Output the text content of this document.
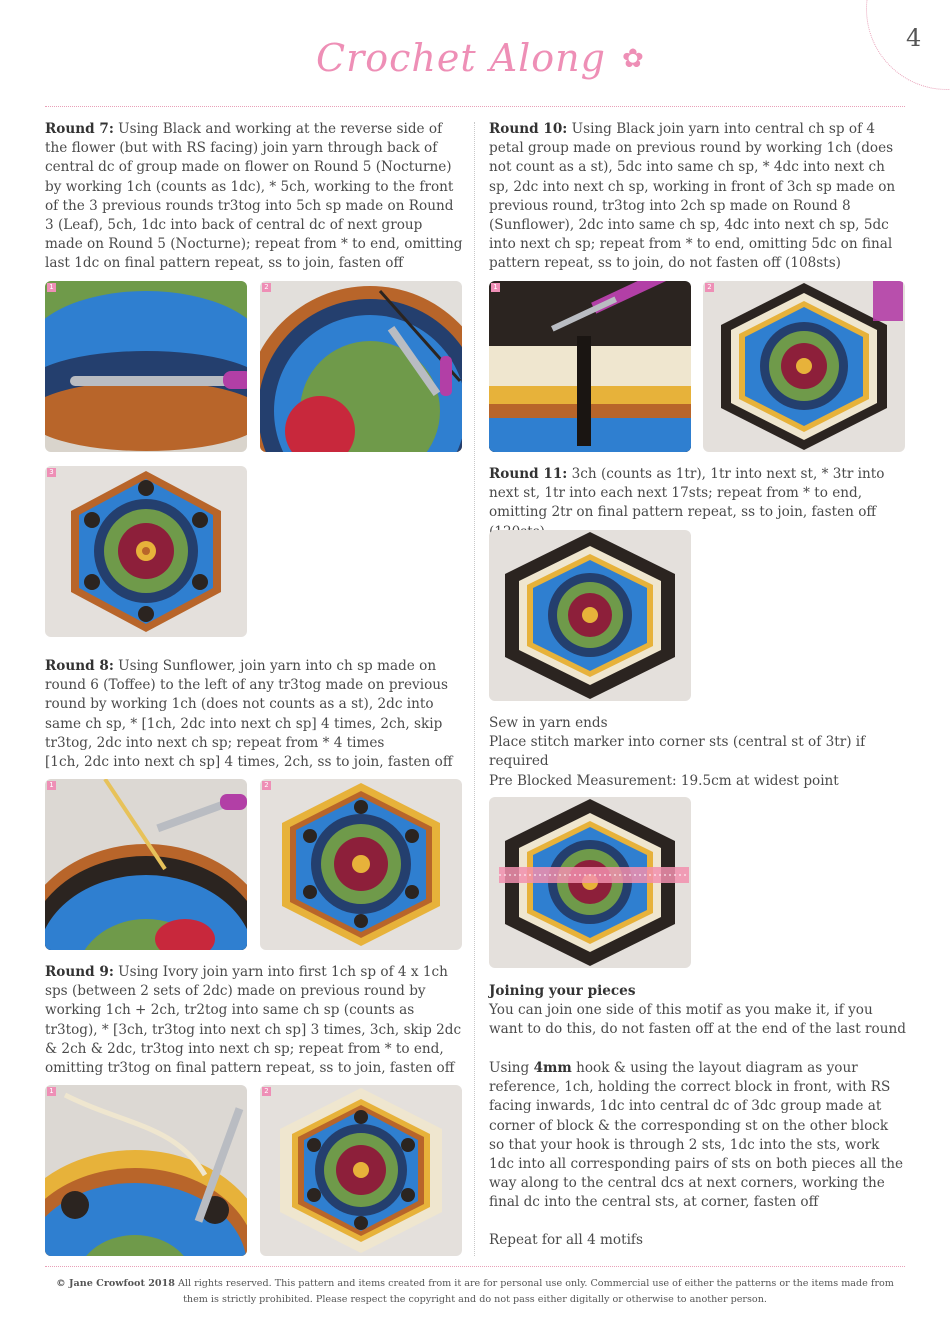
4
Crochet Along ✿
Round 7: Using Black and working at the reverse side of the flower (but with RS facing) join yarn through back of central dc of group made on flower on Round 5 (Nocturne) by working 1ch (counts as 1dc), * 5ch, working to the front of the 3 previous rounds tr3tog into 5ch sp made on Round 3 (Leaf), 5ch, 1dc into back of central dc of next group made on Round 5 (Nocturne); repeat from * to end, omitting last 1dc on final pattern repeat, ss to join, fasten off
1	2
3
Round 8: Using Sunflower, join yarn into ch sp made on round 6 (Toffee) to the left of any tr3tog made on previous round by working 1ch (does not counts as a st), 2dc into same ch sp, * [1ch, 2dc into next ch sp] 4 times, 2ch, skip tr3tog, 2dc into next ch sp; repeat from * 4 times
[1ch, 2dc into next ch sp] 4 times, 2ch, ss to join, fasten off
1	2
Round 9: Using Ivory join yarn into first 1ch sp of 4 x 1ch sps (between 2 sets of 2dc) made on previous round by working 1ch + 2ch, tr2tog into same ch sp (counts as tr3tog), * [3ch, tr3tog into next ch sp] 3 times, 3ch, skip 2dc & 2ch & 2dc, tr3tog into next ch sp; repeat from * to end, omitting tr3tog on final pattern repeat, ss to join, fasten off
1	2
Round 10: Using Black join yarn into central ch sp of 4 petal group made on previous round by working 1ch (does not count as a st), 5dc into same ch sp, * 4dc into next ch sp, 2dc into next ch sp, working in front of 3ch sp made on previous round, tr3tog into 2ch sp made on Round 8 (Sunflower), 2dc into same ch sp, 4dc into next ch sp, 5dc into next ch sp; repeat from * to end, omitting 5dc on final pattern repeat, ss to join, do not fasten off (108sts)
1	2
Round 11: 3ch (counts as 1tr), 1tr into next st, * 3tr into next st, 1tr into each next 17sts; repeat from * to end, omitting 2tr on final pattern repeat, ss to join, fasten off
Sew in yarn ends
Place stitch marker into corner sts (central st of 3tr) if required
Pre Blocked Measurement: 19.5cm at widest point
Joining your pieces
You can join one side of this motif as you make it, if you want to do this, do not fasten off at the end of the last round
Using 4mm hook & using the layout diagram as your reference, 1ch, holding the correct block in front, with RS facing inwards, 1dc into central dc of 3dc group made at corner of block & the corresponding st on the other block so that your hook is through 2 sts, 1dc into the sts, work 1dc into all corresponding pairs of sts on both pieces all the way along to the central dcs at next corners, working the final dc into the central sts, at corner, fasten off
Repeat for all 4 motifs
© Jane Crowfoot 2018 All rights reserved. This pattern and items created from it are for personal use only. Commercial use of either the patterns or the items made from them is strictly prohibited. Please respect the copyright and do not pass either digitally or otherwise to another person.
